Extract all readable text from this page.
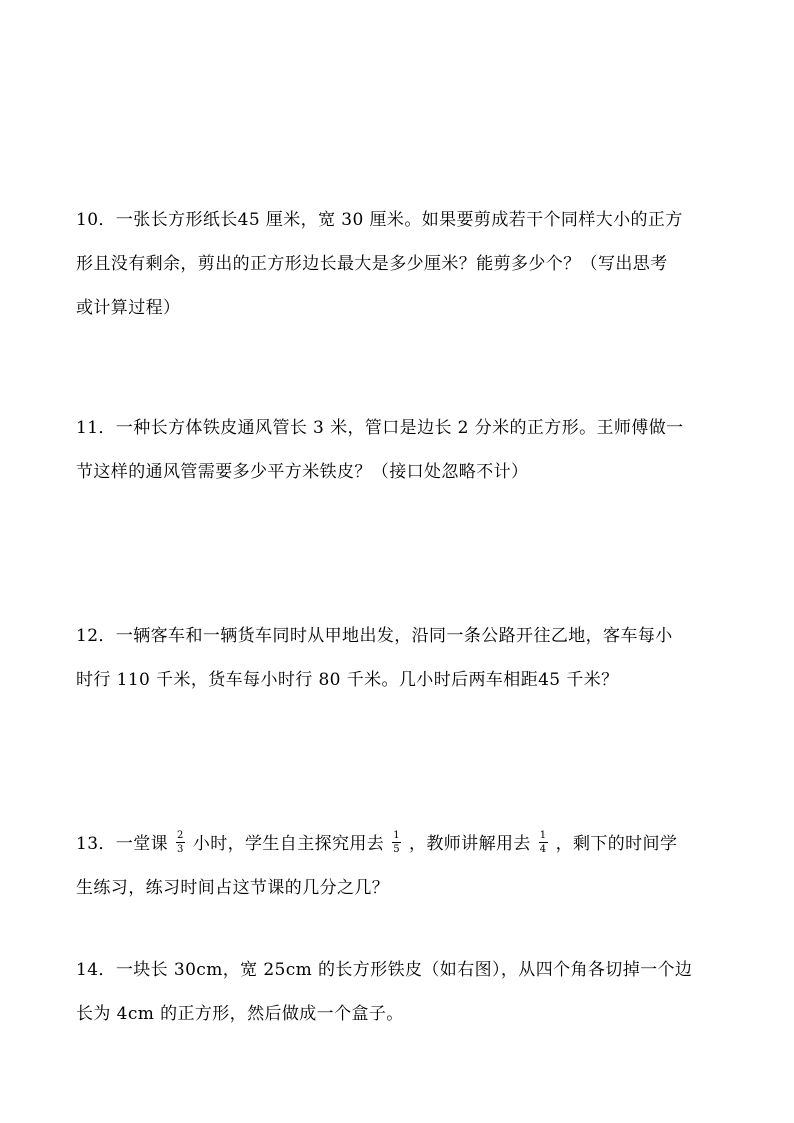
10．一张长方形纸长45 厘米，宽 30 厘米。如果要剪成若干个同样大小的正方
形且没有剩余，剪出的正方形边长最大是多少厘米？能剪多少个？（写出思考
或计算过程）
11．一种长方体铁皮通风管长 3 米，管口是边长 2 分米的正方形。王师傅做一
节这样的通风管需要多少平方米铁皮？（接口处忽略不计）
12．一辆客车和一辆货车同时从甲地出发，沿同一条公路开往乙地，客车每小
时行 110 千米，货车每小时行 80 千米。几小时后两车相距45 千米？
13．一堂课 $\frac{2}{3}$ 小时，学生自主探究用去 $\frac{1}{5}$ ，教师讲解用去 $\frac{1}{4}$ ，剩下的时间学
生练习，练习时间占这节课的几分之几？
14．一块长 30cm，宽 25cm 的长方形铁皮（如右图），从四个角各切掉一个边
长为 4cm 的正方形，然后做成一个盒子。
